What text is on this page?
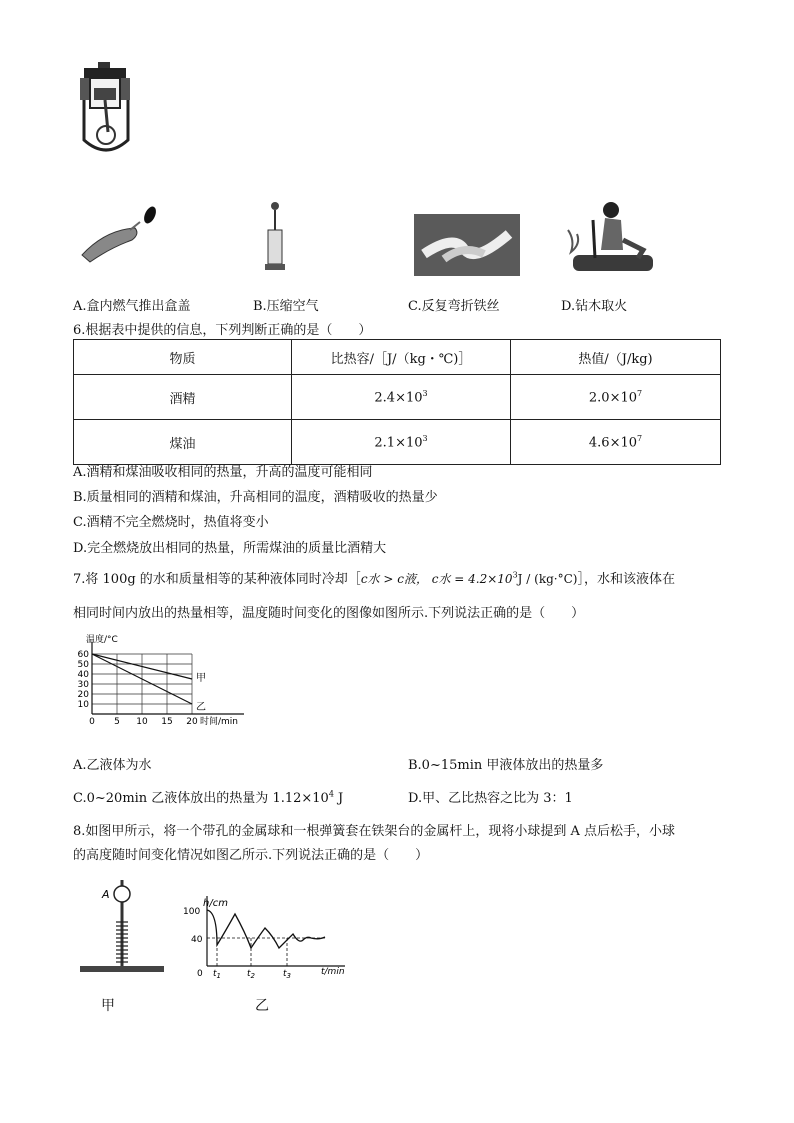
A.盒内燃气推出盒盖	B.压缩空气	C.反复弯折铁丝	D.钻木取火
6.根据表中提供的信息，下列判断正确的是（　　）
物质	比热容/［J/（kg・℃)］	热值/（J/kg)
酒精	$2.4\times 10^3$	$2.0\times 10^7$
煤油	$2.1\times 10^3$	$4.6\times 10^7$
A.酒精和煤油吸收相同的热量，升高的温度可能相同
B.质量相同的酒精和煤油，升高相同的温度，酒精吸收的热量少
C.酒精不完全燃烧时，热值将变小
D.完全燃烧放出相同的热量，所需煤油的质量比酒精大
7.将 100g 的水和质量相等的某种液体同时冷却［c水 > c液， c水 = $4.2\times 10^3J$ / (kg·°C)］，水和该液体在
相同时间内放出的热量相等，温度随时间变化的图像如图所示.下列说法正确的是（　　）
温度/°C
10
20
30
40
50
60
0 5 10 15 20 时间/min
甲
乙
A.乙液体为水	B.0~15min 甲液体放出的热量多
C.0~20min 乙液体放出的热量为 $1.12\times 10^4$ J	D.甲、乙比热容之比为 3：1
8.如图甲所示，将一个带孔的金属球和一根弹簧套在铁架台的金属杆上，现将小球提到 A 点后松手，小球
的高度随时间变化情况如图乙所示.下列说法正确的是（　　）
A
h/cm
100
40
0 $t_1$	$t_2$	$t_3$	t/min
甲	乙
